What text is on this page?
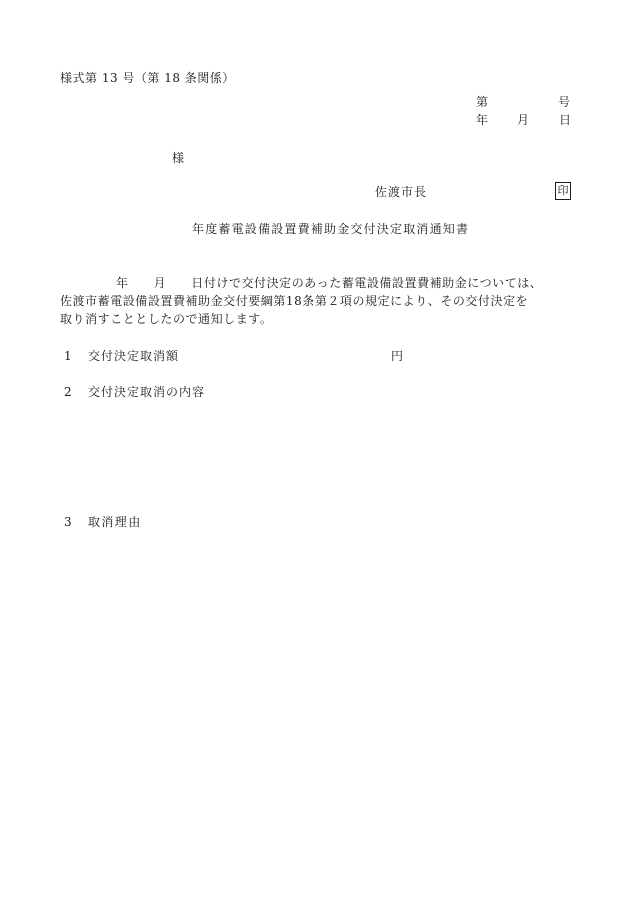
様式第 13 号（第 18 条関係）
第	号
年 月 日
様
佐渡市長	印
年度蓄電設備設置費補助金交付決定取消通知書
年　　月　　日付けで交付決定のあった蓄電設備設置費補助金については、
佐渡市蓄電設備設置費補助金交付要綱第18条第２項の規定により、その交付決定を
取り消すこととしたので通知します。
1 交付決定取消額	円
2 交付決定取消の内容
3 取消理由
